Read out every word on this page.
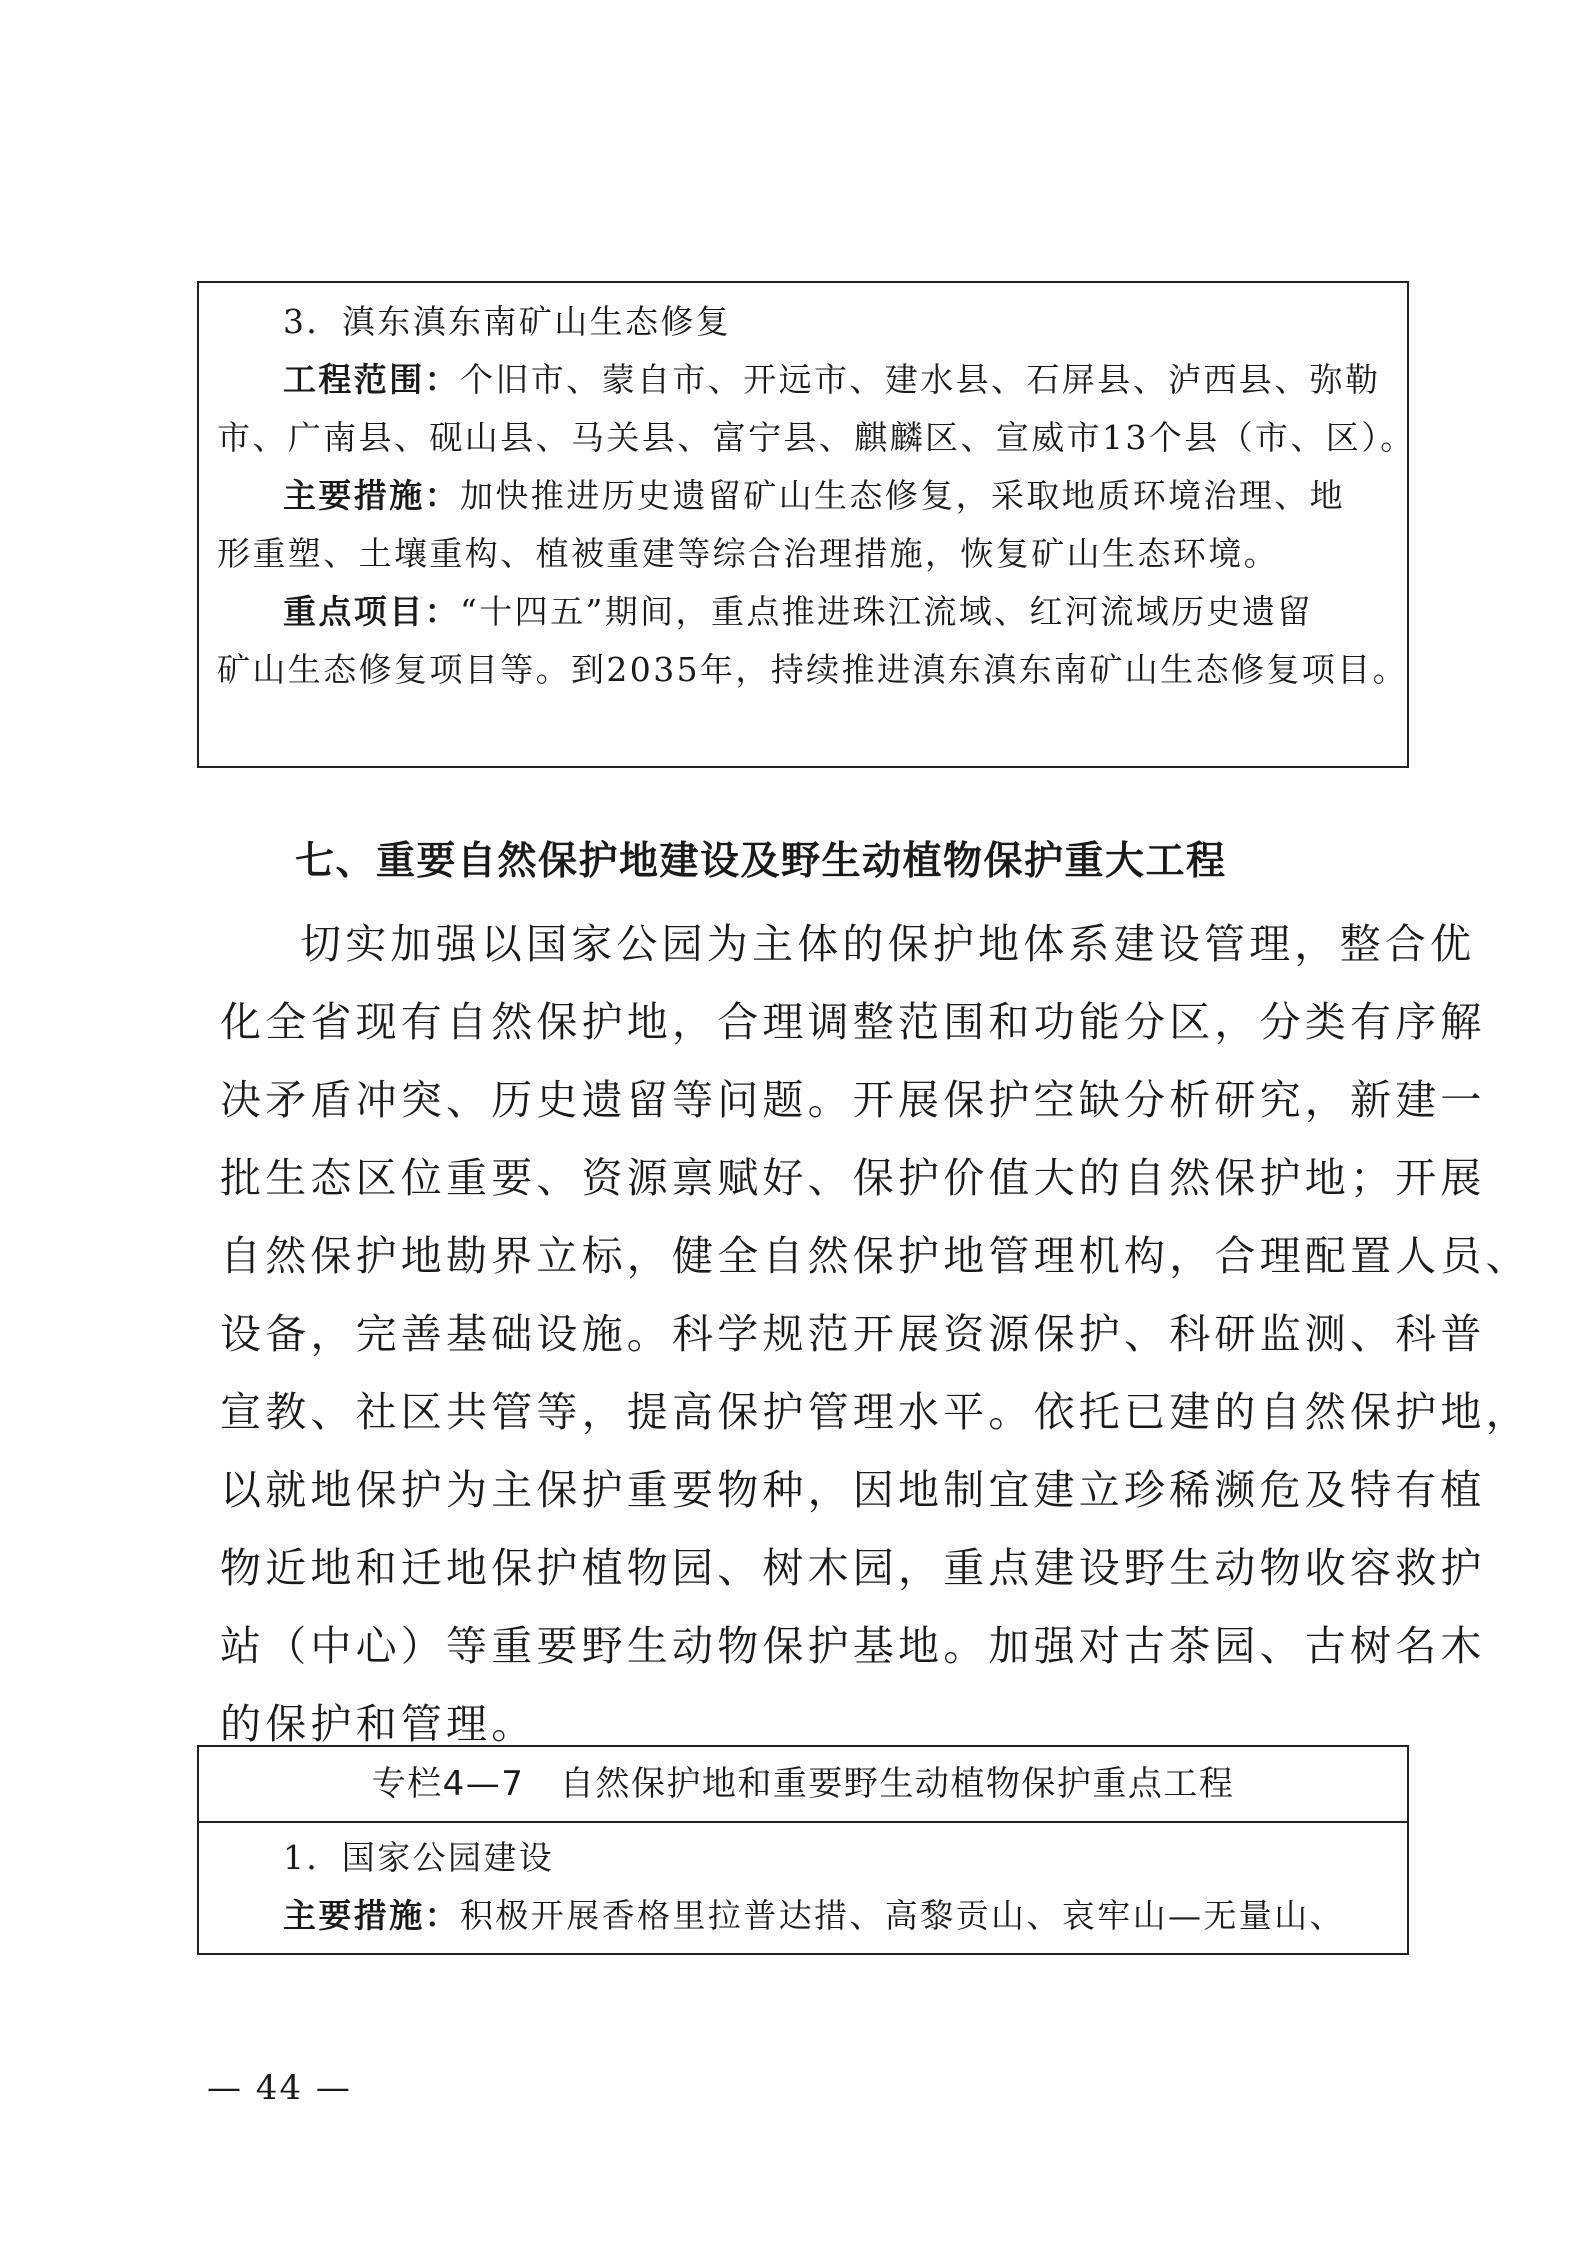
3．滇东滇东南矿山生态修复
工程范围：个旧市、蒙自市、开远市、建水县、石屏县、泸西县、弥勒
市、广南县、砚山县、马关县、富宁县、麒麟区、宣威市13个县（市、区）。
主要措施：加快推进历史遗留矿山生态修复，采取地质环境治理、地
形重塑、土壤重构、植被重建等综合治理措施，恢复矿山生态环境。
重点项目：“十四五”期间，重点推进珠江流域、红河流域历史遗留
矿山生态修复项目等。到2035年，持续推进滇东滇东南矿山生态修复项目。
七、重要自然保护地建设及野生动植物保护重大工程
切实加强以国家公园为主体的保护地体系建设管理，整合优
化全省现有自然保护地，合理调整范围和功能分区，分类有序解
决矛盾冲突、历史遗留等问题。开展保护空缺分析研究，新建一
批生态区位重要、资源禀赋好、保护价值大的自然保护地；开展
自然保护地勘界立标，健全自然保护地管理机构，合理配置人员、
设备，完善基础设施。科学规范开展资源保护、科研监测、科普
宣教、社区共管等，提高保护管理水平。依托已建的自然保护地，
以就地保护为主保护重要物种，因地制宜建立珍稀濒危及特有植
物近地和迁地保护植物园、树木园，重点建设野生动物收容救护
站（中心）等重要野生动物保护基地。加强对古茶园、古树名木
的保护和管理。
专栏4—7　自然保护地和重要野生动植物保护重点工程
1．国家公园建设
主要措施：积极开展香格里拉普达措、高黎贡山、哀牢山—无量山、
— 44 —
